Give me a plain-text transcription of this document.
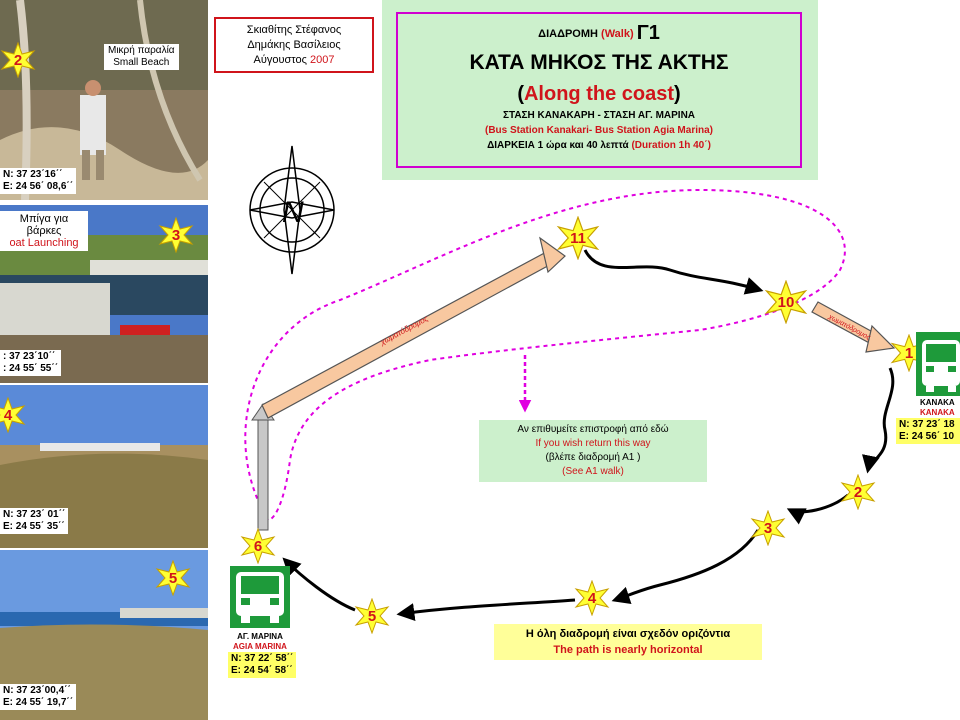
2
Μικρή παραλία
Small Beach
N: 37 23΄16΄΄
E: 24 56΄ 08,6΄΄
Μπίγα για
βάρκες
oat Launching	3
: 37 23΄10΄΄
: 24 55΄ 55΄΄
4
N: 37 23΄ 01΄΄
E: 24 55΄ 35΄΄
5
N: 37 23΄00,4΄΄
E: 24 55΄ 19,7΄΄
Σκιαθίτης Στέφανος
Δημάκης Βασίλειος
Αύγουστος 2007
ΔΙΑΔΡΟΜΗ (Walk) Γ1
ΚΑΤΑ ΜΗΚΟΣ ΤΗΣ ΑΚΤΗΣ
(Along the coast)
ΣΤΑΣΗ ΚΑΝΑΚΑΡΗ - ΣΤΑΣΗ ΑΓ. ΜΑΡΙΝΑ
(Bus Station Kanakari- Bus Station Agia Marina)
ΔΙΑΡΚΕΙΑ 1 ώρα και 40 λεπτά (Duration 1h 40΄)
N
χωματόδρομος	χωματόδρομος
1
2
3
4
5
6
10
11
ΚΑΝΑΚΑ
KANAKA
N: 37 23΄ 18
E: 24 56΄ 10
ΑΓ. ΜΑΡΙΝΑ
AGIA MARINA
N: 37 22΄ 58΄΄
E: 24 54΄ 58΄΄
Αν επιθυμείτε επιστροφή από εδώ
If you wish return this way
(βλέπε διαδρομή Α1 )
(See A1 walk)
Η όλη διαδρομή είναι σχεδόν οριζόντια
The path is nearly horizontal
